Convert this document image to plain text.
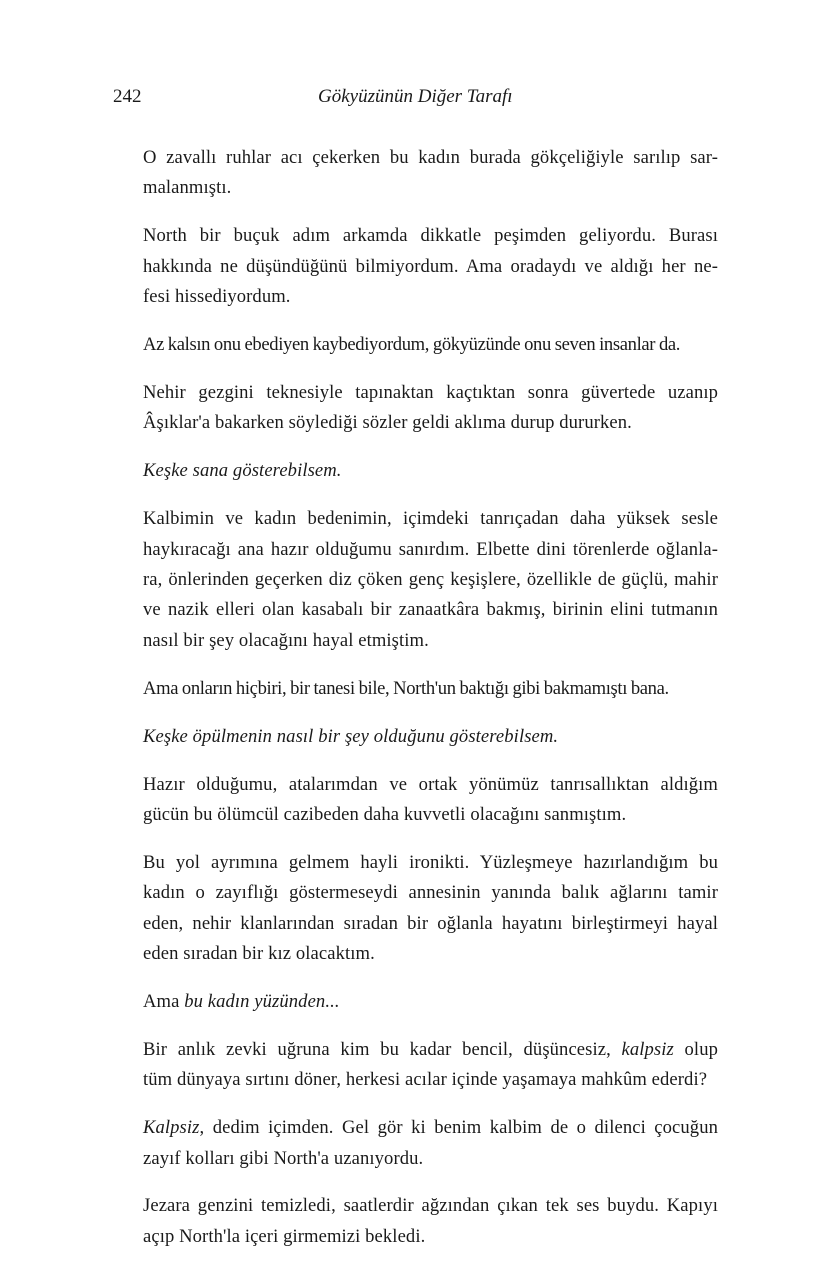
242	Gökyüzünün Diğer Tarafı

O zavallı ruhlar acı çekerken bu kadın burada gökçeliğiyle sarılıp sar-
malanmıştı.

North bir buçuk adım arkamda dikkatle peşimden geliyordu. Burası
hakkında ne düşündüğünü bilmiyordum. Ama oradaydı ve aldığı her ne-
fesi hissediyordum.

Az kalsın onu ebediyen kaybediyordum, gökyüzünde onu seven insanlar da.

Nehir gezgini teknesiyle tapınaktan kaçtıktan sonra güvertede uzanıp
Âşıklar'a bakarken söylediği sözler geldi aklıma durup dururken.

Keşke sana gösterebilsem.

Kalbimin ve kadın bedenimin, içimdeki tanrıçadan daha yüksek sesle
haykıracağı ana hazır olduğumu sanırdım. Elbette dini törenlerde oğlanla-
ra, önlerinden geçerken diz çöken genç keşişlere, özellikle de güçlü, mahir
ve nazik elleri olan kasabalı bir zanaatkâra bakmış, birinin elini tutmanın
nasıl bir şey olacağını hayal etmiştim.

Ama onların hiçbiri, bir tanesi bile, North'un baktığı gibi bakmamıştı bana.

Keşke öpülmenin nasıl bir şey olduğunu gösterebilsem.

Hazır olduğumu, atalarımdan ve ortak yönümüz tanrısallıktan aldığım
gücün bu ölümcül cazibeden daha kuvvetli olacağını sanmıştım.

Bu yol ayrımına gelmem hayli ironikti. Yüzleşmeye hazırlandığım bu
kadın o zayıflığı göstermeseydi annesinin yanında balık ağlarını tamir
eden, nehir klanlarından sıradan bir oğlanla hayatını birleştirmeyi hayal
eden sıradan bir kız olacaktım.

Ama bu kadın yüzünden...

Bir anlık zevki uğruna kim bu kadar bencil, düşüncesiz, kalpsiz olup
tüm dünyaya sırtını döner, herkesi acılar içinde yaşamaya mahkûm ederdi?

Kalpsiz, dedim içimden. Gel gör ki benim kalbim de o dilenci çocuğun
zayıf kolları gibi North'a uzanıyordu.

Jezara genzini temizledi, saatlerdir ağzından çıkan tek ses buydu. Kapıyı
açıp North'la içeri girmemizi bekledi.
